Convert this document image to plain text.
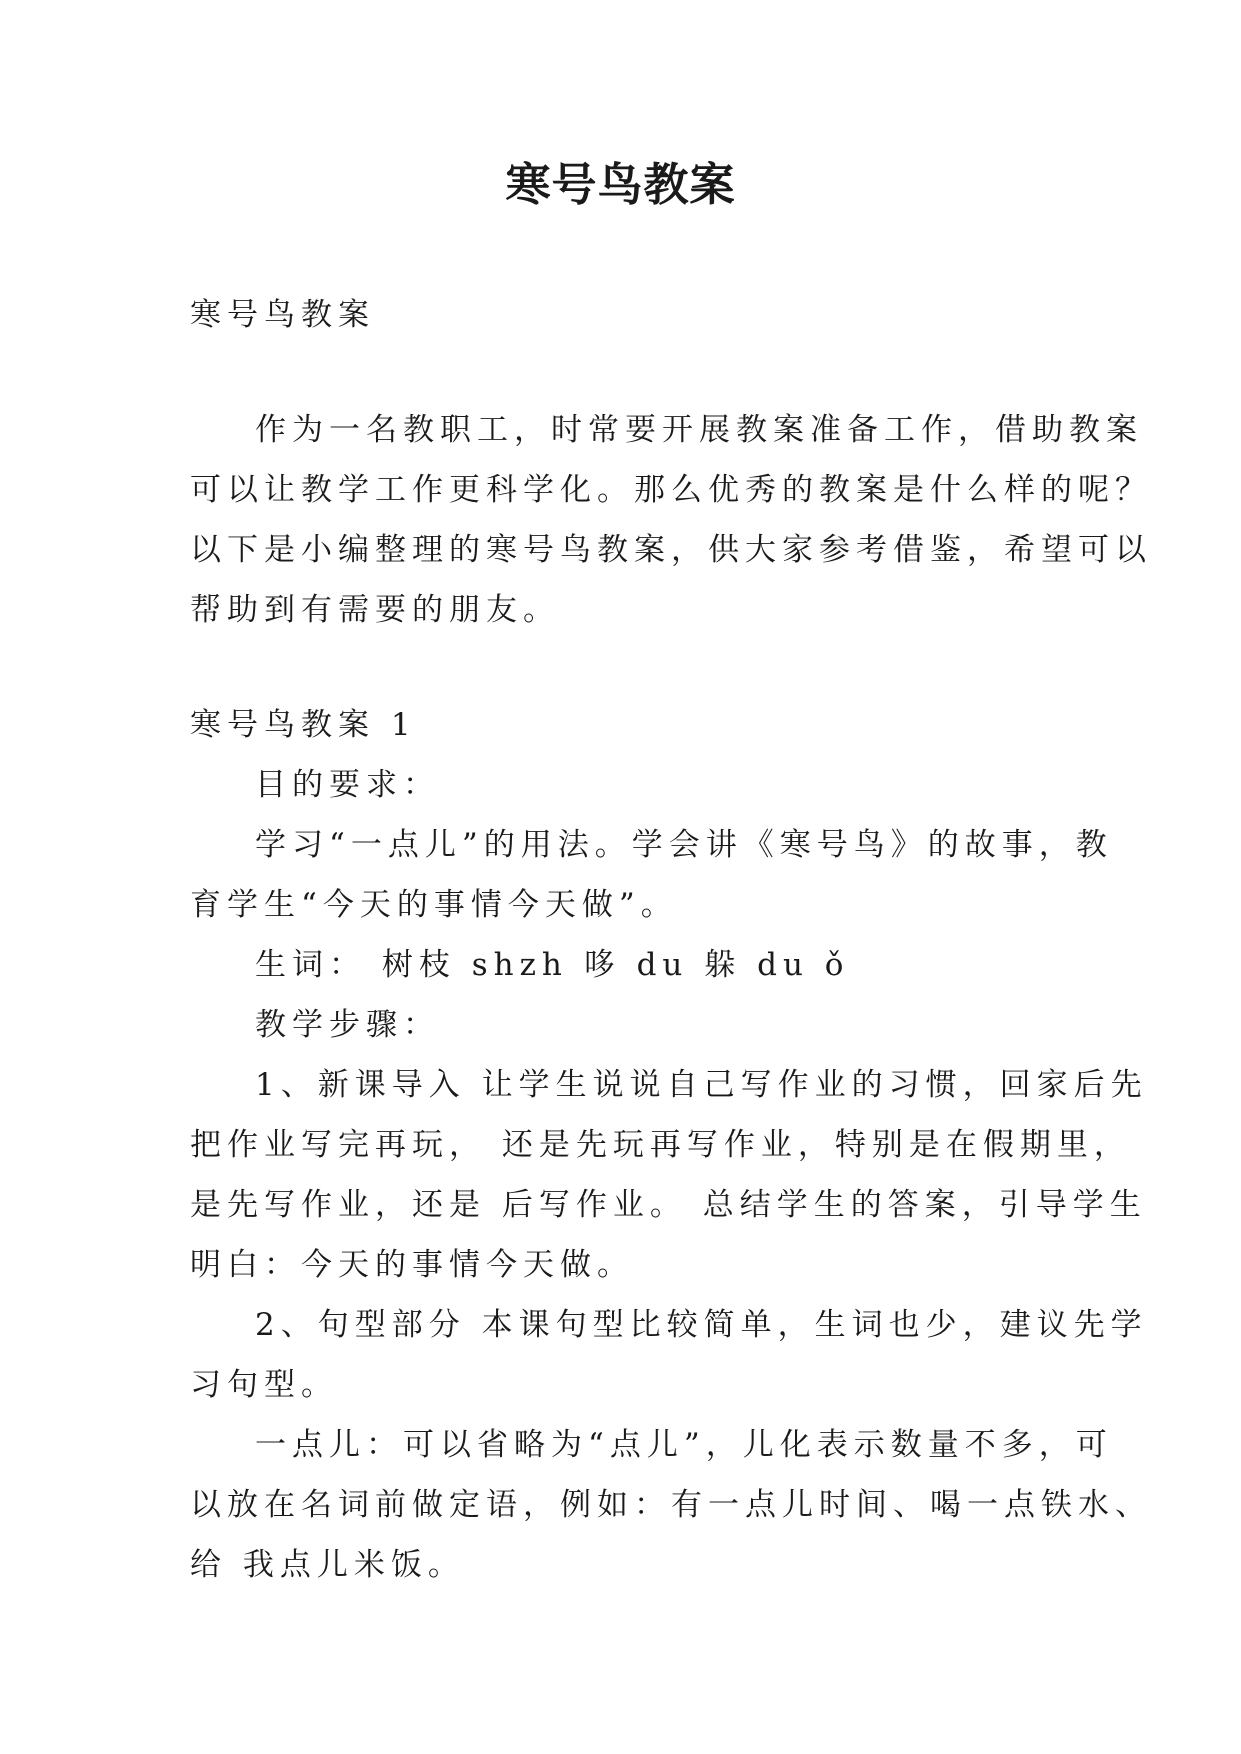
寒号鸟教案

寒号鸟教案

作为一名教职工，时常要开展教案准备工作，借助教案

可以让教学工作更科学化。那么优秀的教案是什么样的呢？

以下是小编整理的寒号鸟教案，供大家参考借鉴，希望可以

帮助到有需要的朋友。

寒号鸟教案 1

目的要求：

学习“一点儿”的用法。学会讲《寒号鸟》的故事，教

育学生“今天的事情今天做”。

生词： 树枝 shzh 哆 du 躲 du ǒ

教学步骤：

1、新课导入 让学生说说自己写作业的习惯，回家后先

把作业写完再玩， 还是先玩再写作业，特别是在假期里，

是先写作业，还是 后写作业。 总结学生的答案，引导学生

明白：今天的事情今天做。

2、句型部分 本课句型比较简单，生词也少，建议先学

习句型。

一点儿：可以省略为“点儿”，儿化表示数量不多，可

以放在名词前做定语，例如：有一点儿时间、喝一点铁水、

给 我点儿米饭。
